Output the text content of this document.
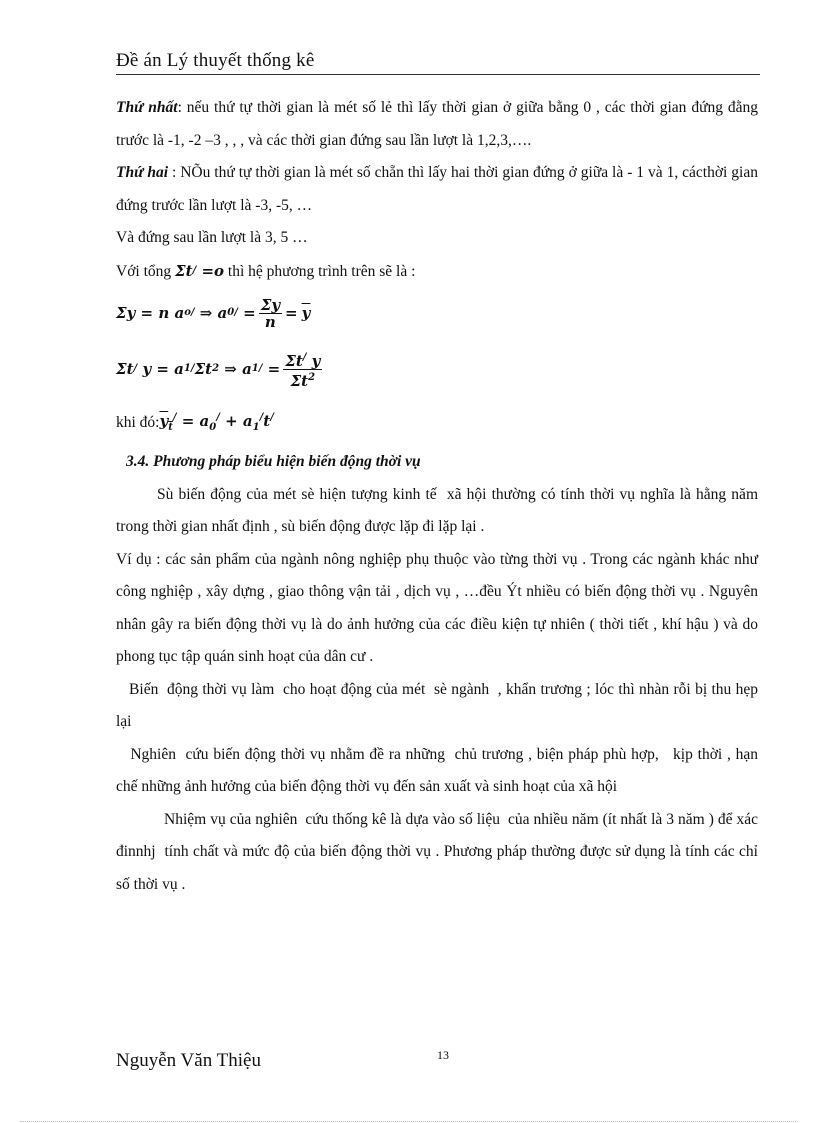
Đề án Lý thuyết thống kê

Thứ nhất: nếu thứ tự thời gian là mét số lẻ thì lấy thời gian ở giữa bằng 0 , các thời gian đứng đằng trước là -1, -2 –3 , , , và các thời gian đứng sau lần lượt là 1,2,3,….

Thứ hai : NÕu thứ tự thời gian là mét số chẵn thì lấy hai thời gian đứng ở giữa là - 1 và 1, cácthời gian đứng trước lần lượt là -3, -5, …

Và đứng sau lần lượt là 3, 5 …

Với tổng Σ t / = o thì hệ phương trình trên sẽ là :

Σ y = n a o / ⇒ a 0 / = $\frac{\Sigma y}{n} = \overline{y}$
Σ t /
y = a 1 / Σ t 2 ⇒ a 1 / = $\frac{\Sigma t^/ y}{\Sigma t^2}$
khi đó: $y_t^/ = a_0^/ + a_1^/t^/$

3.4. Phương pháp biểu hiện biến động thời vụ

Sù biến động của mét sè hiện tượng kinh tế  xã hội thường có tính thời vụ nghĩa là hằng năm trong thời gian nhất định , sù biến động được lặp đi lặp lại .

Ví dụ : các sản phẩm của ngành nông nghiệp phụ thuộc vào từng thời vụ . Trong các ngành khác như công nghiệp , xây dựng , giao thông vận tải , dịch vụ , …đều Ýt nhiều có biến động thời vụ . Nguyên nhân gây ra biến động thời vụ là do ảnh hưởng của các điều kiện tự nhiên ( thời tiết , khí hậu ) và do phong tục tập quán sinh hoạt của dân cư .

Biến  động thời vụ làm  cho hoạt động của mét  sè ngành  , khẩn trương ; lóc thì nhàn rỗi bị thu hẹp lại

Nghiên  cứu biến động thời vụ nhằm đề ra những  chủ trương , biện pháp phù hợp,   kịp thời , hạn chế những ảnh hưởng của biến động thời vụ đến sản xuất và sinh hoạt của xã hội

Nhiệm vụ của nghiên  cứu thống kê là dựa vào số liệu  của nhiều năm (ít nhất là 3 năm ) để xác đinnhj  tính chất và mức độ của biến động thời vụ . Phương pháp thường được sử dụng là tính các chỉ số thời vụ .

Nguyễn Văn Thiệu	13
